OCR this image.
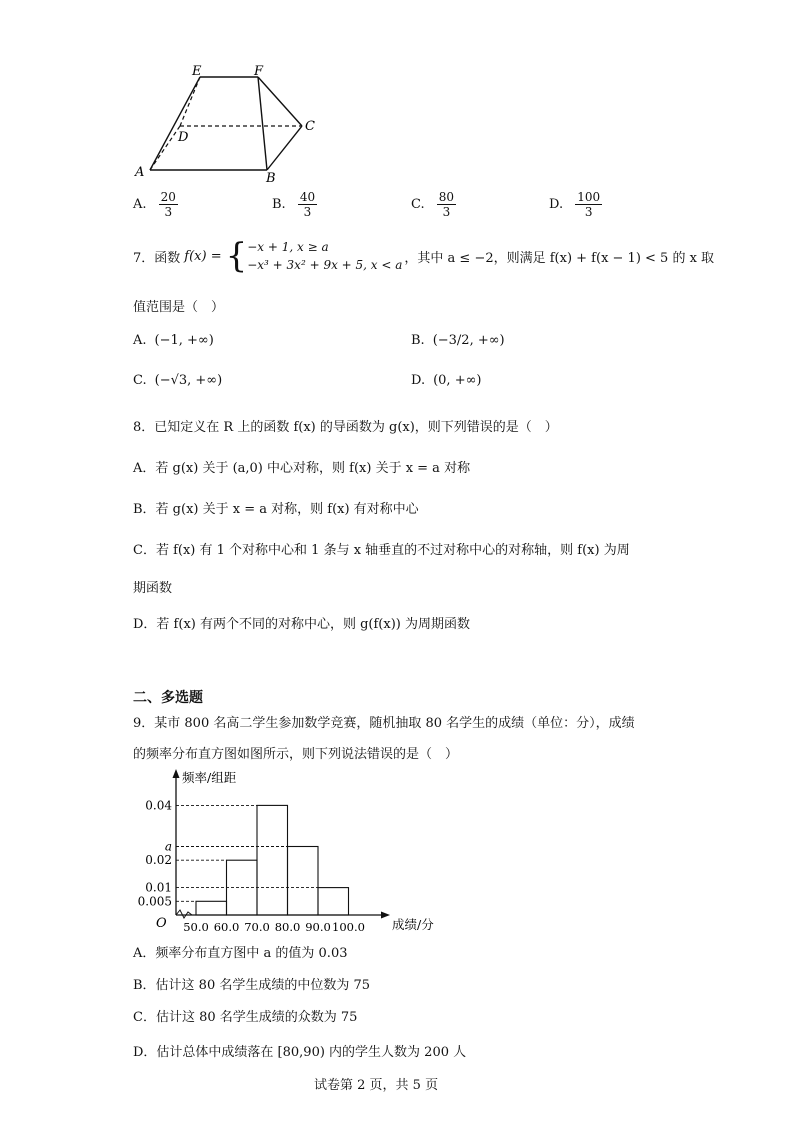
E	F
D
C
A	B
A. $\frac{20}{3}$	B. $\frac{40}{3}$	C. $\frac{80}{3}$	D. $\frac{100}{3}$
7．函数 f(x) = { −x + 1, x ≥ a
−x³ + 3x² + 9x + 5, x < a ，其中 a ≤ −2，则满足 f(x) + f(x − 1) < 5 的 x 取
值范围是（　）
A. (−1, +∞)	B. (−3/2, +∞)
C. (−√3, +∞)	D. (0, +∞)
8．已知定义在 R 上的函数 f(x) 的导函数为 g(x)，则下列错误的是（　）
A．若 g(x) 关于 (a,0) 中心对称，则 f(x) 关于 x = a 对称
B．若 g(x) 关于 x = a 对称，则 f(x) 有对称中心
C．若 f(x) 有 1 个对称中心和 1 条与 x 轴垂直的不过对称中心的对称轴，则 f(x) 为周
期函数
D．若 f(x) 有两个不同的对称中心，则 g(f(x)) 为周期函数
二、多选题
9．某市 800 名高二学生参加数学竞赛，随机抽取 80 名学生的成绩（单位：分），成绩
的频率分布直方图如图所示，则下列说法错误的是（　）
0.04
a
0.02
0.01
0.005
50.0 60.0 70.0 80.0 90.0 100.0
O
频率/组距
成绩/分
A．频率分布直方图中 a 的值为 0.03
B．估计这 80 名学生成绩的中位数为 75
C．估计这 80 名学生成绩的众数为 75
D．估计总体中成绩落在 [80,90) 内的学生人数为 200 人
试卷第 2 页，共 5 页
